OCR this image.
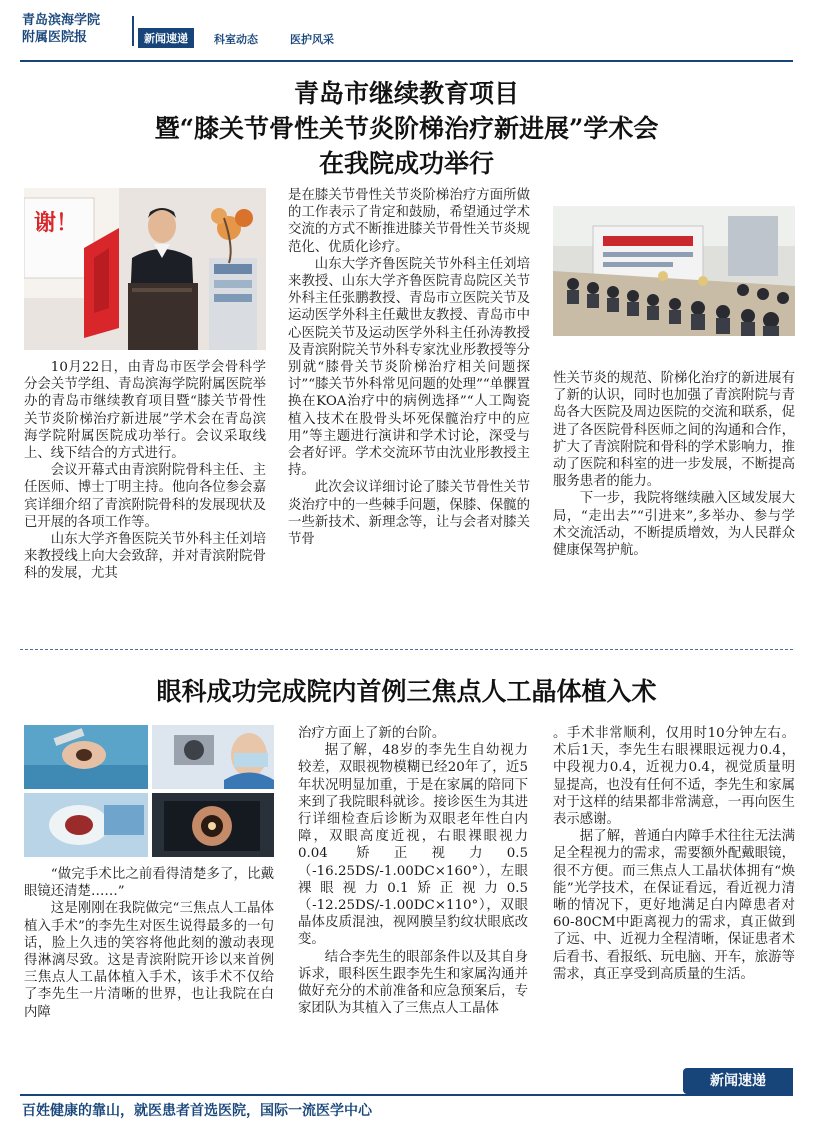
青岛滨海学院
附属医院报	新闻速递	科室动态	医护风采
青岛市继续教育项目
暨“膝关节骨性关节炎阶梯治疗新进展”学术会
在我院成功举行
谢！

10月22日，由青岛市医学会骨科学分会关节学组、青岛滨海学院附属医院举办的青岛市继续教育项目暨“膝关节骨性关节炎阶梯治疗新进展”学术会在青岛滨海学院附属医院成功举行。会议采取线上、线下结合的方式进行。

会议开幕式由青滨附院骨科主任、主任医师、博士丁明主持。他向各位参会嘉宾详细介绍了青滨附院骨科的发展现状及已开展的各项工作等。

山东大学齐鲁医院关节外科主任刘培来教授线上向大会致辞，并对青滨附院骨科的发展，尤其

是在膝关节骨性关节炎阶梯治疗方面所做的工作表示了肯定和鼓励，希望通过学术交流的方式不断推进膝关节骨性关节炎规范化、优质化诊疗。

山东大学齐鲁医院关节外科主任刘培来教授、山东大学齐鲁医院青岛院区关节外科主任张鹏教授、青岛市立医院关节及运动医学外科主任戴世友教授、青岛市中心医院关节及运动医学外科主任孙涛教授及青滨附院关节外科专家沈业彤教授等分别就“膝骨关节炎阶梯治疗相关问题探讨”“膝关节外科常见问题的处理”“单髁置换在KOA治疗中的病例选择”“人工陶瓷植入技术在股骨头坏死保髋治疗中的应用”等主题进行演讲和学术讨论，深受与会者好评。学术交流环节由沈业彤教授主持。

此次会议详细讨论了膝关节骨性关节炎治疗中的一些棘手问题，保膝、保髋的一些新技术、新理念等，让与会者对膝关节骨

性关节炎的规范、阶梯化治疗的新进展有了新的认识，同时也加强了青滨附院与青岛各大医院及周边医院的交流和联系，促进了各医院骨科医师之间的沟通和合作，扩大了青滨附院和骨科的学术影响力，推动了医院和科室的进一步发展，不断提高服务患者的能力。

下一步，我院将继续融入区域发展大局，“走出去”“引进来”,多举办、参与学术交流活动，不断提质增效，为人民群众健康保驾护航。

眼科成功完成院内首例三焦点人工晶体植入术

“做完手术比之前看得清楚多了，比戴眼镜还清楚……”

这是刚刚在我院做完“三焦点人工晶体植入手术”的李先生对医生说得最多的一句话，脸上久违的笑容将他此刻的激动表现得淋漓尽致。这是青滨附院开诊以来首例三焦点人工晶体植入手术，该手术不仅给了李先生一片清晰的世界，也让我院在白内障

治疗方面上了新的台阶。

据了解，48岁的李先生自幼视力较差，双眼视物模糊已经20年了，近5年状况明显加重，于是在家属的陪同下来到了我院眼科就诊。接诊医生为其进行详细检查后诊断为双眼老年性白内障，双眼高度近视，右眼裸眼视力0.04 矫正视力0.5（-16.25DS/-1.00DC×160°），左眼裸眼视力0.1矫正视力0.5（-12.25DS/-1.00DC×110°），双眼晶体皮质混浊，视网膜呈豹纹状眼底改变。

结合李先生的眼部条件以及其自身诉求，眼科医生跟李先生和家属沟通并做好充分的术前准备和应急预案后，专家团队为其植入了三焦点人工晶体

。手术非常顺利，仅用时10分钟左右。术后1天，李先生右眼裸眼远视力0.4，中段视力0.4，近视力0.4，视觉质量明显提高，也没有任何不适，李先生和家属对于这样的结果都非常满意，一再向医生表示感谢。

据了解，普通白内障手术往往无法满足全程视力的需求，需要额外配戴眼镜，很不方便。而三焦点人工晶状体拥有“焕能”光学技术，在保证看远，看近视力清晰的情况下，更好地满足白内障患者对60-80CM中距离视力的需求，真正做到了远、中、近视力全程清晰，保证患者术后看书、看报纸、玩电脑、开车，旅游等需求，真正享受到高质量的生活。

新闻速递
百姓健康的靠山，就医患者首选医院，国际一流医学中心
